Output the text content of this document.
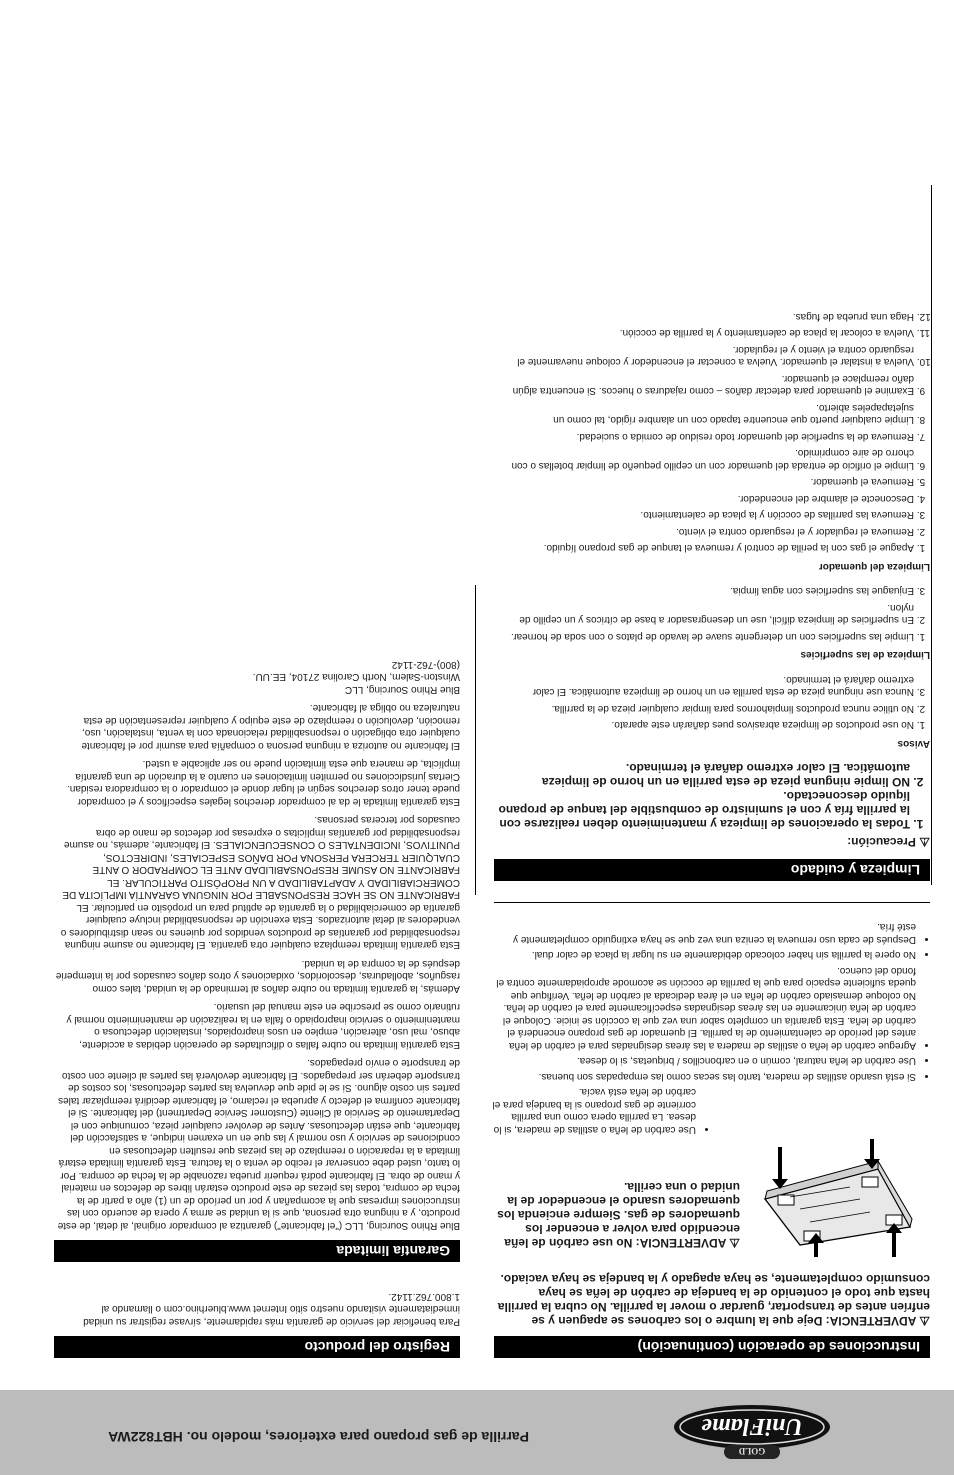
GOLD
UniFlame
Parrilla de gas propano para exteriores, modelo no. HBT822WA
Instrucciones de operación (continuación)

⚠ ADVERTENCIA: Deje que la lumbre o los carbones se apaguen y se enfríen antes de transportar, guardar o mover la parrilla. No cubra la parrilla hasta que todo el contenido de la bandeja de carbón de leña se haya consumido completamente, se haya apagado y la bandeja se haya vaciado.

⚠ ADVERTENCIA: No use carbón de leña encendido para volver a encender los quemadores de gas. Siempre encienda los quemadores usando el encendedor de la unidad o una cerilla.

• Use carbón de leña o astillas de madera, si lo desea. La parrilla opera como una parrilla corriente de gas propano si la bandeja para el carbón de leña está vacía.
• Si está usando astillas de madera, tanto las secas como las empapadas son buenas.
• Use carbón de leña natural, común o en carboncillos / briquetas, si lo desea.
• Agregue carbón de leña o astillas de madera a las áreas designadas para el carbón de leña antes del período de calentamiento de la parrilla. El quemador de gas propano encenderá el carbón de leña. Esta garantía un completo sabor una vez que la cocción se inicie. Coloque el carbón de leña únicamente en las áreas designadas específicamente para el carbón de leña. No coloque demasiado carbón de leña en el área dedicada al carbón de leña. Verifique que queda suficiente espacio para que la parrilla de cocción se acomode apropiadamente contra el fondo del cuenco.
• No opere la parrilla sin haber colocado debidamente en su lugar la placa de calor dual.
• Después de cada uso remueva la ceniza una vez que se haya extinguido completamente y esté fría.
Limpieza y cuidado

⚠ Precaución:

1. Todas la operaciones de limpieza y mantenimiento deben realizarse con la parrilla fría y con el suministro de combustible del tanque de propano líquido desconectado.
2. NO limpie ninguna pieza de esta parrilla en un horno de limpieza automática. El calor extremo dañará el terminado.

Avisos

1. No use productos de limpieza abrasivos pues dañarán este aparato.
2. No utilice nunca productos limpiahornos para limpiar cualquier pieza de la parrilla.
3. Nunca use ninguna pieza de esta parrilla en un horno de limpieza automática. El calor extremo dañará el terminado.

Limpieza de las superficies

1. Limpie las superficies con un detergente suave de lavado de platos o con soda de hornear.
2. En superficies de limpieza difícil, use un desengrasador a base de cítricos y un cepillo de nylon.
3. Enjuague las superficies con agua limpia.

Limpieza del quemador

1. Apague el gas con la perilla de control y remueva el tanque de gas propano líquido.
2. Remueva el regulador y el resguardo contra el viento.
3. Remueva las parrillas de cocción y la placa de calentamiento.
4. Desconecte el alambre del encendedor.
5. Remueva el quemador.
6. Limpie el orificio de entrada del quemador con un cepillo pequeño de limpiar botellas o con chorro de aire comprimido.
7. Remueva de la superficie del quemador todo residuo de comida o suciedad.
8. Limpie cualquier puerto que encuentre tapado con un alambre rígido, tal como un sujetapapeles abierto.
9. Examine el quemador para detectar daños – como rajaduras o huecos. Si encuentra algún daño reemplace el quemador.
10. Vuelva a instalar el quemador. Vuelva a conectar el encendedor y coloque nuevamente el resguardo contra el viento y el regulador.
11. Vuelva a colocar la placa de calentamiento y la parrilla de cocción.
12. Haga una prueba de fugas.
Registro del producto

Para beneficiar del servicio de garantía más rapidamente, sírvase registrar su unidad inmediatamente visitando nuestro sitio Internet www.bluerhino.com o llamando al 1.800.762.1142.

Garantía limitada

Blue Rhino Sourcing, LLC ("el fabricante") garantiza al comprador original, al detal, de este producto, y a ninguna otra persona, que si la unidad se arma y opera de acuerdo con las instrucciones impresas que la acompañan y por un período de un (1) año a partir de la fecha de compra, todas las piezas de este producto estarán libres de defectos en material y mano de obra. El fabricante podrá requerir prueba razonable de la fecha de compra. Por lo tanto, usted debe conservar el recibo de venta o la factura. Esta garantía limitada estará limitada a la reparación o reemplazo de las piezas que resulten defectuosas en condiciones de servicio y uso normal y las que en un examen indique, a satisfacción del fabricante, que están defectuosas. Antes de devolver cualquier pieza, comunique con el Departamento de Servicio al Cliente (Customer Service Department) del fabricante. Si el fabricante confirma el defecto y aprueba el reclamo, el fabricante decidirá reemplazar tales partes sin costo alguno. Si se le pide que devuelva las partes defectuosas, los costos de transporte deberán ser prepagados. El fabricante devolverá las partes al cliente con costo de transporte o envío prepagados.

Esta garantía limitada no cubre fallas o dificultades de operación debidas a accidente, abuso, mal uso, alteración, empleo en usos inapropiados, instalación defectuosa o mantenimiento o servicio inapropiado o falla en la realización de mantenimiento normal y rutinario como se prescribe en este manual del usuario.

Además, la garantía limitada no cubre daños al terminado de la unidad, tales como rasguños, abolladuras, descoloridos, oxidaciones y otros daños causados por la intemperie después de la compra de la unidad.

Esta garantía limitada reemplaza cualquier otra garantía. El fabricante no asume ninguna responsabilidad por garantías de productos vendidos por quienes no sean distribuidores o vendedores al detal autorizados. Esta exención de responsabilidad incluye cualquier garantía de comerciabilidad o la garantía de aptitud para un propósito en particular. EL FABRICANTE NO SE HACE RESPONSABLE POR NINGUNA GARANTÍA IMPLÍCITA DE COMERCIABILIDAD Y ADAPTABILIDAD A UN PROPÓSITO PARTICULAR. EL FABRICANTE NO ASUME RESPONSABILIDAD ANTE EL COMPRADOR O ANTE CUALQUIER TERCERA PERSONA POR DAÑOS ESPECIALES, INDIRECTOS, PUNITIVOS, INCIDENTALES O CONSECUENCIALES. El fabricante, además, no asume responsabilidad por garantías implícitas o expresas por defectos de mano de obra causados por terceras personas.

Esta garantía limitada le da al comprador derechos legales específicos y el comprador puede tener otros derechos según el lugar donde el comprador o la compradora residan. Ciertas jurisdicciones no permiten limitaciones en cuanto a la duración de una garantía implícita, de manera que esta limitación puede no ser aplicable a usted.

El fabricante no autoriza a ninguna persona o compañía para asumir por el fabricante cualquier otra obligación o responsabilidad relacionada con la venta, instalación, uso, remoción, devolución o reemplazo de este equipo y cualquier representación de esta naturaleza no obliga al fabricante.

Blue Rhino Sourcing, LLC

Winston-Salem, North Carolina 27104, EE.UU.

(800)-762-1142
